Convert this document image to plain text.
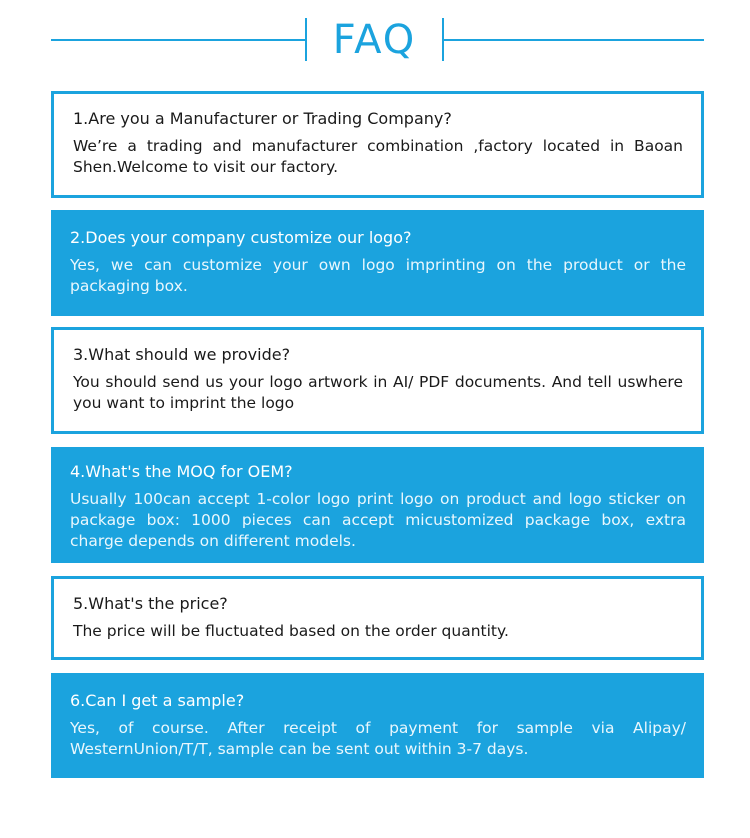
FAQ
1.Are you a Manufacturer or Trading Company?
We’re a trading and manufacturer combination ,factory located in Baoan Shen.Welcome to visit our factory.
2.Does your company customize our logo?
Yes, we can customize your own logo imprinting on the product or the packaging box.
3.What should we provide?
You should send us your logo artwork in AI/ PDF documents. And tell uswhere you want to imprint the logo
4.What's the MOQ for OEM?
Usually 100can accept 1-color logo print logo on product and logo sticker on package box: 1000 pieces can accept micustomized package box, extra charge depends on different models.
5.What's the price?
The price will be fluctuated based on the order quantity.
6.Can I get a sample?
Yes, of course. After receipt of payment for sample via Alipay/ WesternUnion/T/T, sample can be sent out within 3-7 days.
